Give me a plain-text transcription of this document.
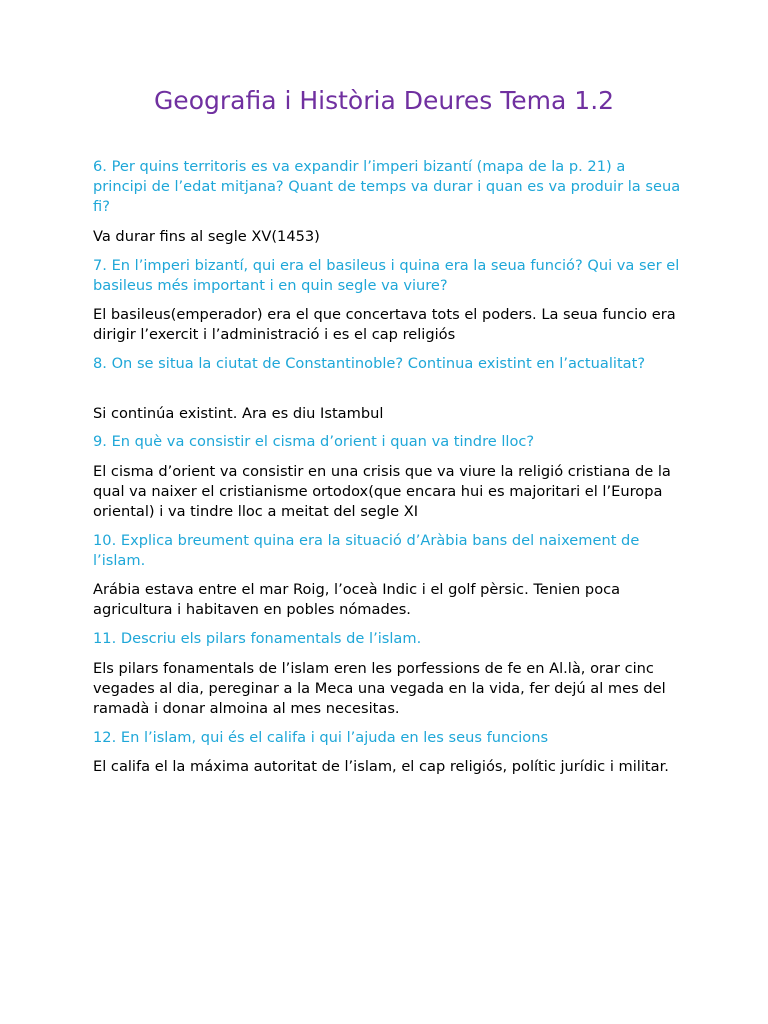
Geografia i Història Deures Tema 1.2

6. Per quins territoris es va expandir l’imperi bizantí (mapa de la p. 21) a principi de l’edat mitjana? Quant de temps va durar i quan es va produir la seua fi?

Va durar fins al segle XV(1453)

7. En l’imperi bizantí, qui era el basileus i quina era la seua funció? Qui va ser el basileus més important i en quin segle va viure?

El basileus(emperador) era el que concertava tots el poders. La seua funcio era dirigir l’exercit i l’administració i es el cap religiós

8. On se situa la ciutat de Constantinoble? Continua existint en l’actualitat?

Si continúa existint. Ara es diu Istambul

9. En què va consistir el cisma d’orient i quan va tindre lloc?

El cisma d’orient va consistir en una crisis que va viure la religió cristiana de la qual va naixer el cristianisme ortodox(que encara hui es majoritari el l’Europa oriental) i va tindre lloc a meitat del segle XI

10. Explica breument quina era la situació d’Aràbia bans del naixement de l’islam.

Arábia estava entre el mar Roig, l’oceà Indic i el golf pèrsic. Tenien poca agricultura i habitaven en pobles nómades.

11. Descriu els pilars fonamentals de l’islam.

Els pilars fonamentals de l’islam eren les porfessions de fe en Al.là, orar cinc vegades al dia, pereginar a la Meca una vegada en la vida, fer dejú al mes del ramadà i donar almoina al mes necesitas.

12. En l’islam, qui és el califa i qui l’ajuda en les seus funcions

El califa el la máxima autoritat de l’islam, el cap religiós, polític jurídic i militar.
